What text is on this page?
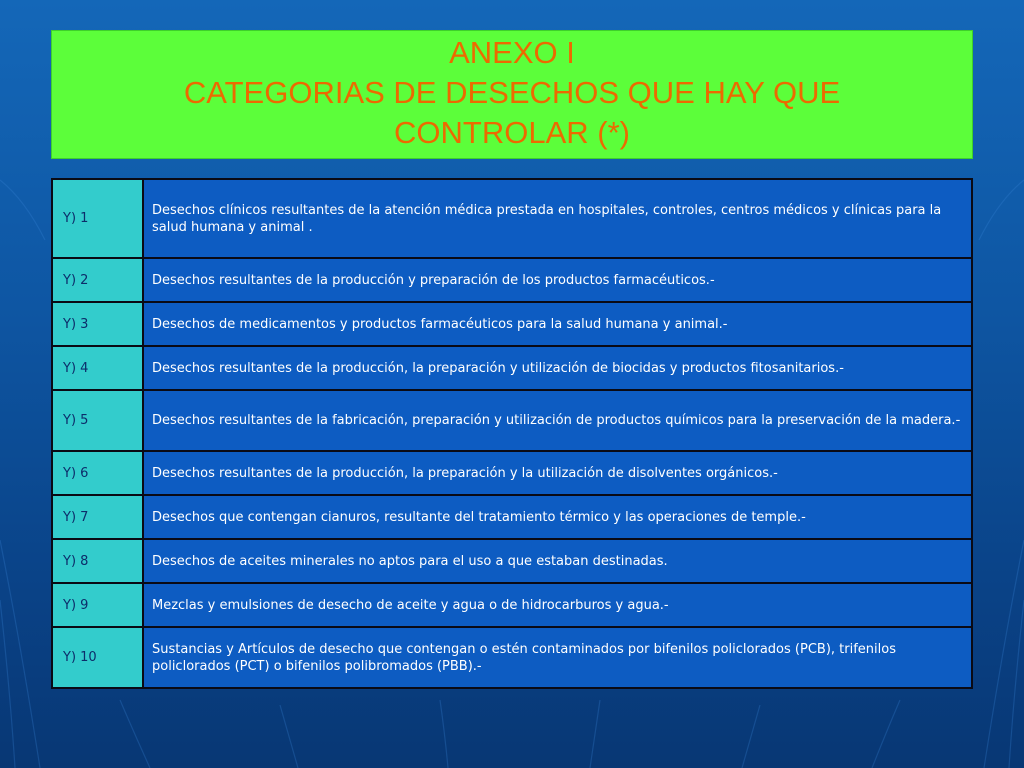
ANEXO I

CATEGORIAS DE DESECHOS QUE HAY QUE

CONTROLAR (*)

Y) 1	Desechos clínicos resultantes de la atención médica prestada en hospitales, controles, centros médicos y clínicas para la salud humana y animal .
Y) 2	Desechos resultantes de la producción y preparación de los productos farmacéuticos.-
Y) 3	Desechos de medicamentos y productos farmacéuticos para la salud humana y animal.-
Y) 4	Desechos resultantes de la producción, la preparación y utilización de biocidas y productos fitosanitarios.-
Y) 5	Desechos resultantes de la fabricación, preparación y utilización de productos químicos para la preservación de la madera.-
Y) 6	Desechos resultantes de la producción, la preparación y la utilización de disolventes orgánicos.-
Y) 7	Desechos que contengan cianuros, resultante del tratamiento térmico y las operaciones de temple.-
Y) 8	Desechos de aceites minerales no aptos para el uso a que estaban destinadas.
Y) 9	Mezclas y emulsiones de desecho de aceite y agua o de hidrocarburos y agua.-
Y) 10	Sustancias y Artículos de desecho que contengan o estén contaminados por bifenilos policlorados (PCB), trifenilos policlorados (PCT) o bifenilos polibromados (PBB).-
